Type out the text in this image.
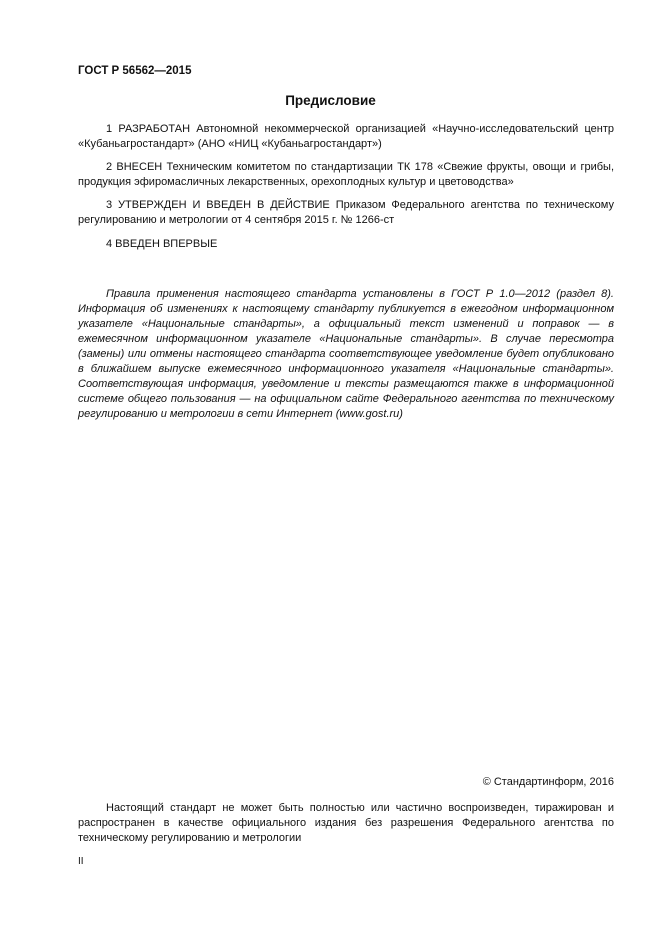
ГОСТ Р 56562—2015
Предисловие
1 РАЗРАБОТАН Автономной некоммерческой организацией «Научно-исследовательский центр «Кубаньагростандарт» (АНО «НИЦ «Кубаньагростандарт»)
2 ВНЕСЕН Техническим комитетом по стандартизации ТК 178 «Свежие фрукты, овощи и грибы, продукция эфиромасличных лекарственных, орехоплодных культур и цветоводства»
3 УТВЕРЖДЕН И ВВЕДЕН В ДЕЙСТВИЕ Приказом Федерального агентства по техническому регулированию и метрологии от 4 сентября 2015 г. № 1266-ст
4 ВВЕДЕН ВПЕРВЫЕ
Правила применения настоящего стандарта установлены в ГОСТ Р 1.0—2012 (раздел 8). Информация об изменениях к настоящему стандарту публикуется в ежегодном информационном указателе «Национальные стандарты», а официальный текст изменений и поправок — в ежемесячном информационном указателе «Национальные стандарты». В случае пересмотра (замены) или отмены настоящего стандарта соответствующее уведомление будет опубликовано в ближайшем выпуске ежемесячного информационного указателя «Национальные стандарты». Соответствующая информация, уведомление и тексты размещаются также в информационной системе общего пользования — на официальном сайте Федерального агентства по техническому регулированию и метрологии в сети Интернет (www.gost.ru)
© Стандартинформ, 2016
Настоящий стандарт не может быть полностью или частично воспроизведен, тиражирован и распространен в качестве официального издания без разрешения Федерального агентства по техническому регулированию и метрологии
II
